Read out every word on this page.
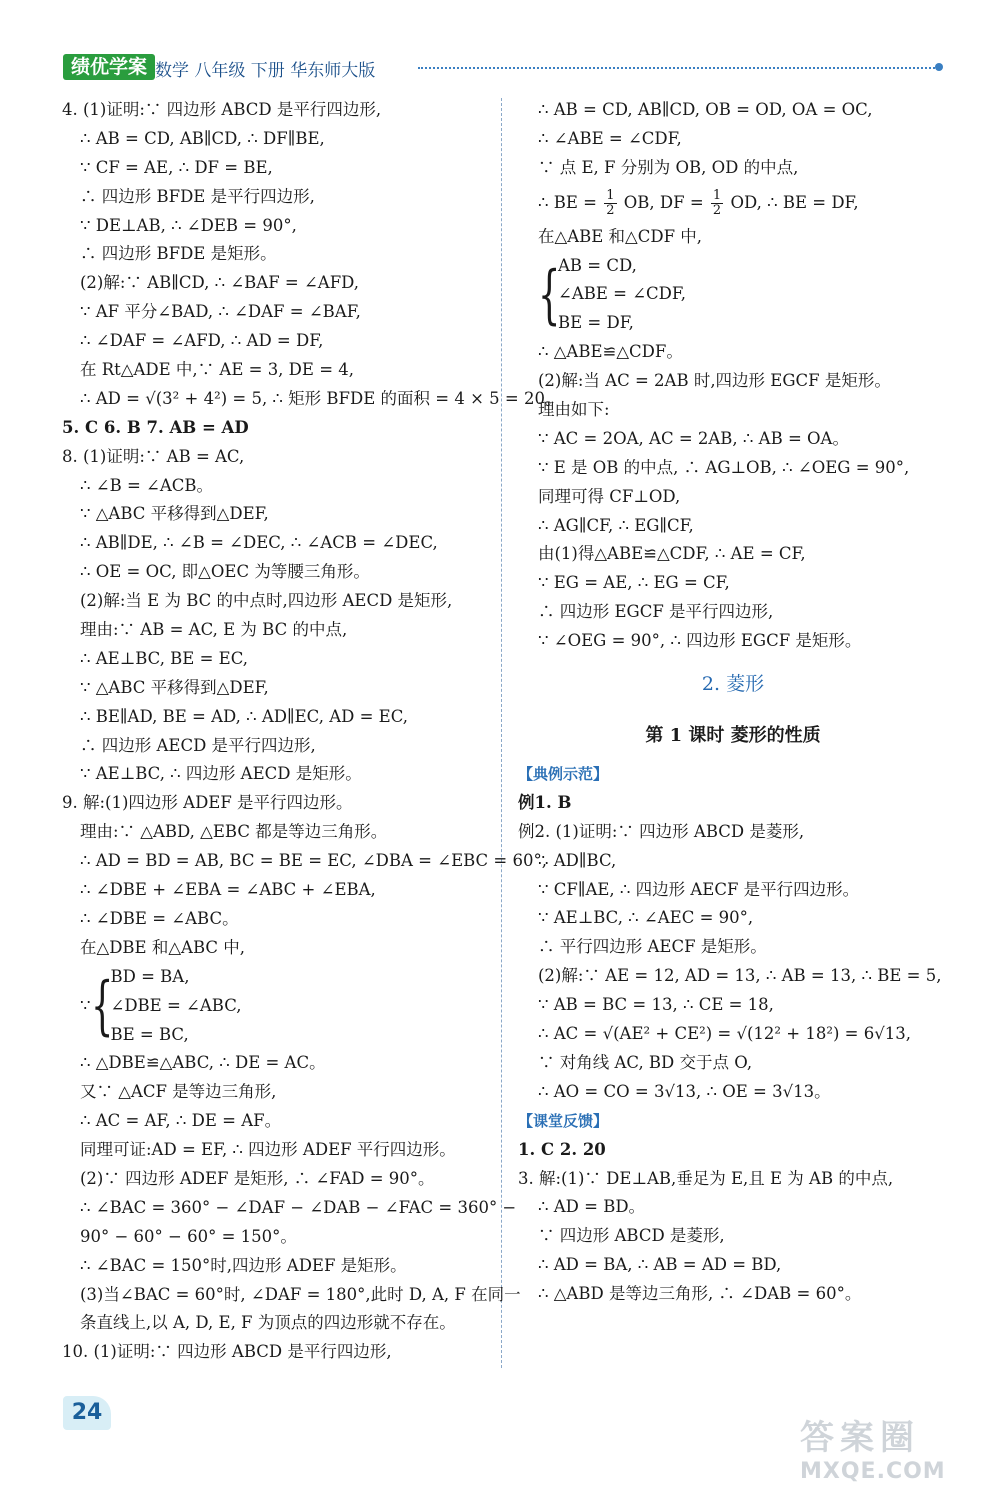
绩优学案 数学 八年级 下册 华东师大版
4. (1)证明:∵ 四边形 ABCD 是平行四边形,
∴ AB = CD, AB∥CD, ∴ DF∥BE,
∵ CF = AE, ∴ DF = BE,
∴ 四边形 BFDE 是平行四边形,
∵ DE⊥AB, ∴ ∠DEB = 90°,
∴ 四边形 BFDE 是矩形。
(2)解:∵ AB∥CD, ∴ ∠BAF = ∠AFD,
∵ AF 平分∠BAD, ∴ ∠DAF = ∠BAF,
∴ ∠DAF = ∠AFD, ∴ AD = DF,
在 Rt△ADE 中,∵ AE = 3, DE = 4,
∴ AD = √(3² + 4²) = 5, ∴ 矩形 BFDE 的面积 = 4 × 5 = 20。
5. C 6. B 7. AB = AD
8. (1)证明:∵ AB = AC,
∴ ∠B = ∠ACB。
∵ △ABC 平移得到△DEF,
∴ AB∥DE, ∴ ∠B = ∠DEC, ∴ ∠ACB = ∠DEC,
∴ OE = OC, 即△OEC 为等腰三角形。
(2)解:当 E 为 BC 的中点时,四边形 AECD 是矩形,
理由:∵ AB = AC, E 为 BC 的中点,
∴ AE⊥BC, BE = EC,
∵ △ABC 平移得到△DEF,
∴ BE∥AD, BE = AD, ∴ AD∥EC, AD = EC,
∴ 四边形 AECD 是平行四边形,
∵ AE⊥BC, ∴ 四边形 AECD 是矩形。
9. 解:(1)四边形 ADEF 是平行四边形。
理由:∵ △ABD, △EBC 都是等边三角形。
∴ AD = BD = AB, BC = BE = EC, ∠DBA = ∠EBC = 60°,
∴ ∠DBE + ∠EBA = ∠ABC + ∠EBA,
∴ ∠DBE = ∠ABC。
在△DBE 和△ABC 中,
∵ {
BD = BA,
∠DBE = ∠ABC,
BE = BC,
∴ △DBE≌△ABC, ∴ DE = AC。
又∵ △ACF 是等边三角形,
∴ AC = AF, ∴ DE = AF。
同理可证:AD = EF, ∴ 四边形 ADEF 平行四边形。
(2)∵ 四边形 ADEF 是矩形, ∴ ∠FAD = 90°。
∴ ∠BAC = 360° − ∠DAF − ∠DAB − ∠FAC = 360° −
90° − 60° − 60° = 150°。
∴ ∠BAC = 150°时,四边形 ADEF 是矩形。
(3)当∠BAC = 60°时, ∠DAF = 180°,此时 D, A, F 在同一
条直线上,以 A, D, E, F 为顶点的四边形就不存在。
10. (1)证明:∵ 四边形 ABCD 是平行四边形,
∴ AB = CD, AB∥CD, OB = OD, OA = OC,
∴ ∠ABE = ∠CDF,
∵ 点 E, F 分别为 OB, OD 的中点,
∴ BE = $\frac{1}{2}$ OB, DF = $\frac{1}{2}$ OD, ∴ BE = DF,
在△ABE 和△CDF 中,
{
AB = CD,
∠ABE = ∠CDF,
BE = DF,
∴ △ABE≌△CDF。
(2)解:当 AC = 2AB 时,四边形 EGCF 是矩形。
理由如下:
∵ AC = 2OA, AC = 2AB, ∴ AB = OA。
∵ E 是 OB 的中点, ∴ AG⊥OB, ∴ ∠OEG = 90°,
同理可得 CF⊥OD,
∴ AG∥CF, ∴ EG∥CF,
由(1)得△ABE≌△CDF, ∴ AE = CF,
∵ EG = AE, ∴ EG = CF,
∴ 四边形 EGCF 是平行四边形,
∵ ∠OEG = 90°, ∴ 四边形 EGCF 是矩形。
2. 菱形
第 1 课时 菱形的性质
【典例示范】
例1. B
例2. (1)证明:∵ 四边形 ABCD 是菱形,
∴ AD∥BC,
∵ CF∥AE, ∴ 四边形 AECF 是平行四边形。
∵ AE⊥BC, ∴ ∠AEC = 90°,
∴ 平行四边形 AECF 是矩形。
(2)解:∵ AE = 12, AD = 13, ∴ AB = 13, ∴ BE = 5,
∵ AB = BC = 13, ∴ CE = 18,
∴ AC = √(AE² + CE²) = √(12² + 18²) = 6√13,
∵ 对角线 AC, BD 交于点 O,
∴ AO = CO = 3√13, ∴ OE = 3√13。
【课堂反馈】
1. C 2. 20
3. 解:(1)∵ DE⊥AB,垂足为 E,且 E 为 AB 的中点,
∴ AD = BD。
∵ 四边形 ABCD 是菱形,
∴ AD = BA, ∴ AB = AD = BD,
∴ △ABD 是等边三角形, ∴ ∠DAB = 60°。
24
答案圈
MXQE.COM
